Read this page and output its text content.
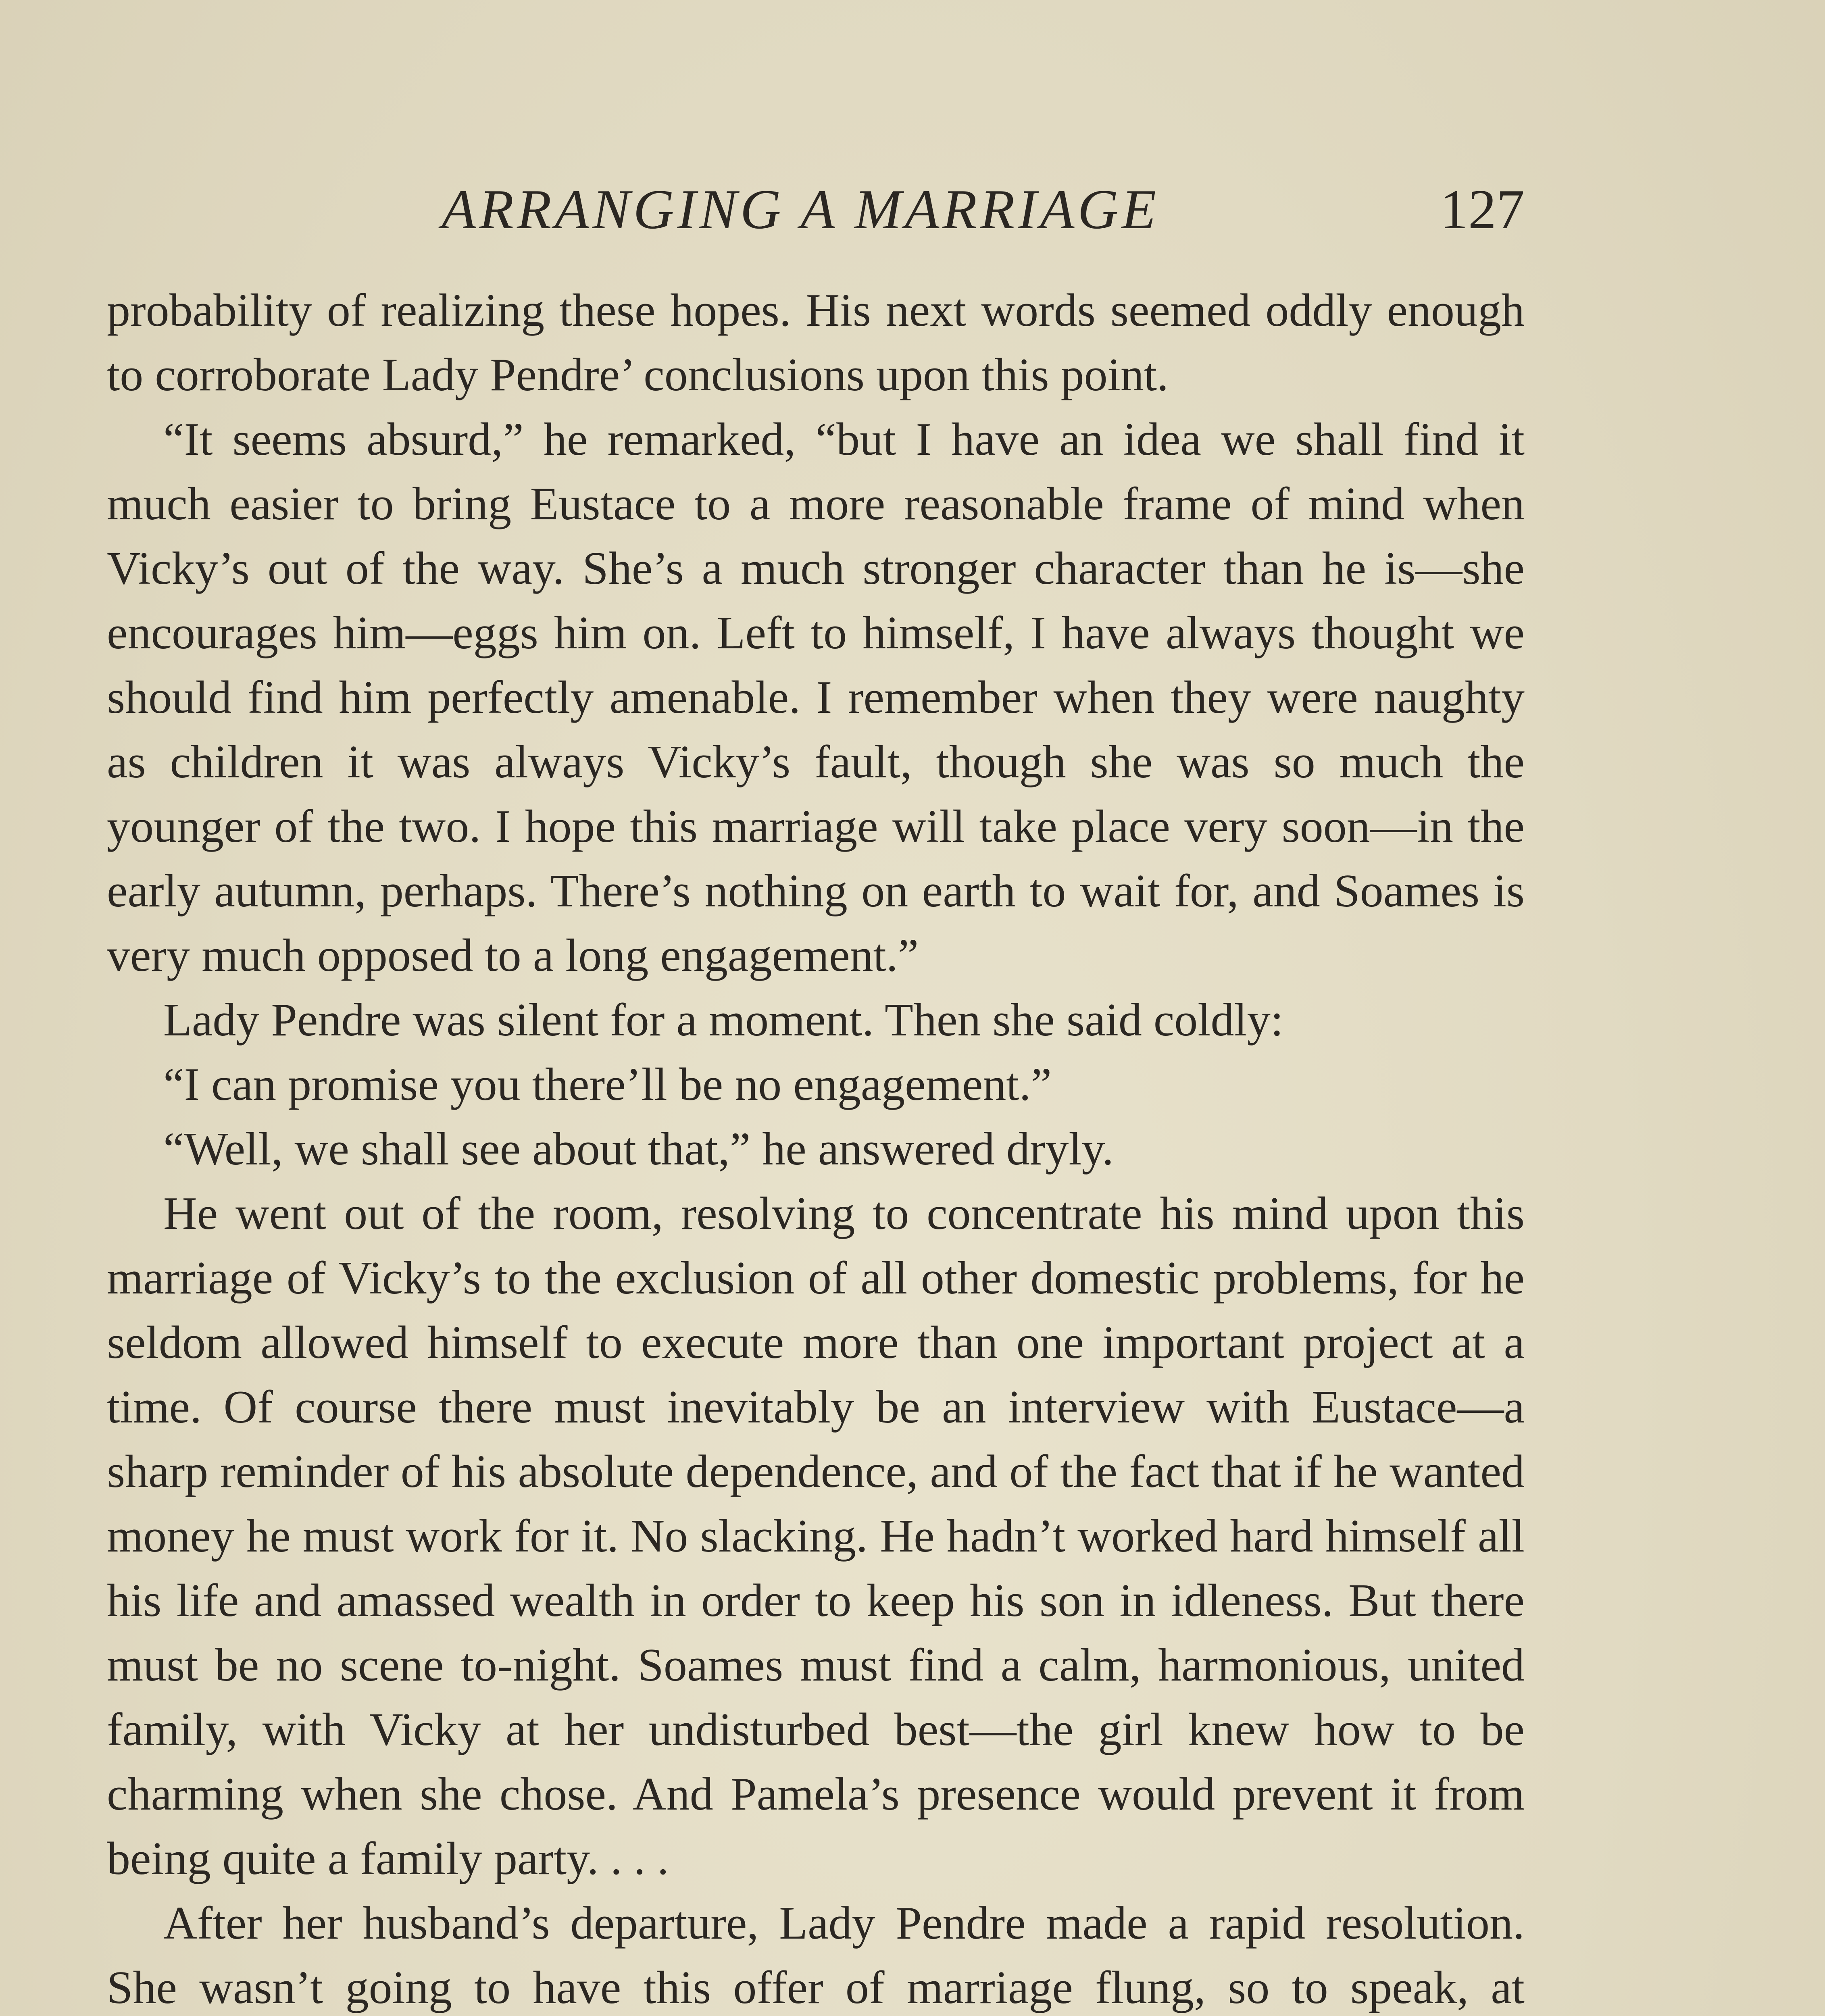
ARRANGING A MARRIAGE	127

probability of realizing these hopes. His next words seemed oddly enough to corroborate Lady Pendre’ conclusions upon this point.

“It seems absurd,” he remarked, “but I have an idea we shall find it much easier to bring Eustace to a more reasonable frame of mind when Vicky’s out of the way. She’s a much stronger character than he is—she encourages him—eggs him on. Left to himself, I have always thought we should find him perfectly amenable. I remember when they were naughty as children it was always Vicky’s fault, though she was so much the younger of the two. I hope this marriage will take place very soon—in the early autumn, perhaps. There’s nothing on earth to wait for, and Soames is very much opposed to a long engagement.”

Lady Pendre was silent for a moment. Then she said coldly:

“I can promise you there’ll be no engagement.”

“Well, we shall see about that,” he answered dryly.

He went out of the room, resolving to concentrate his mind upon this marriage of Vicky’s to the exclusion of all other domestic problems, for he seldom allowed himself to execute more than one important project at a time. Of course there must inevitably be an interview with Eustace—a sharp reminder of his absolute dependence, and of the fact that if he wanted money he must work for it. No slacking. He hadn’t worked hard himself all his life and amassed wealth in order to keep his son in idleness. But there must be no scene to-night. Soames must find a calm, harmonious, united family, with Vicky at her undisturbed best—the girl knew how to be charming when she chose. And Pamela’s presence would prevent it from being quite a family party. . . .

After her husband’s departure, Lady Pendre made a rapid resolution. She wasn’t going to have this offer of marriage flung, so to speak, at
